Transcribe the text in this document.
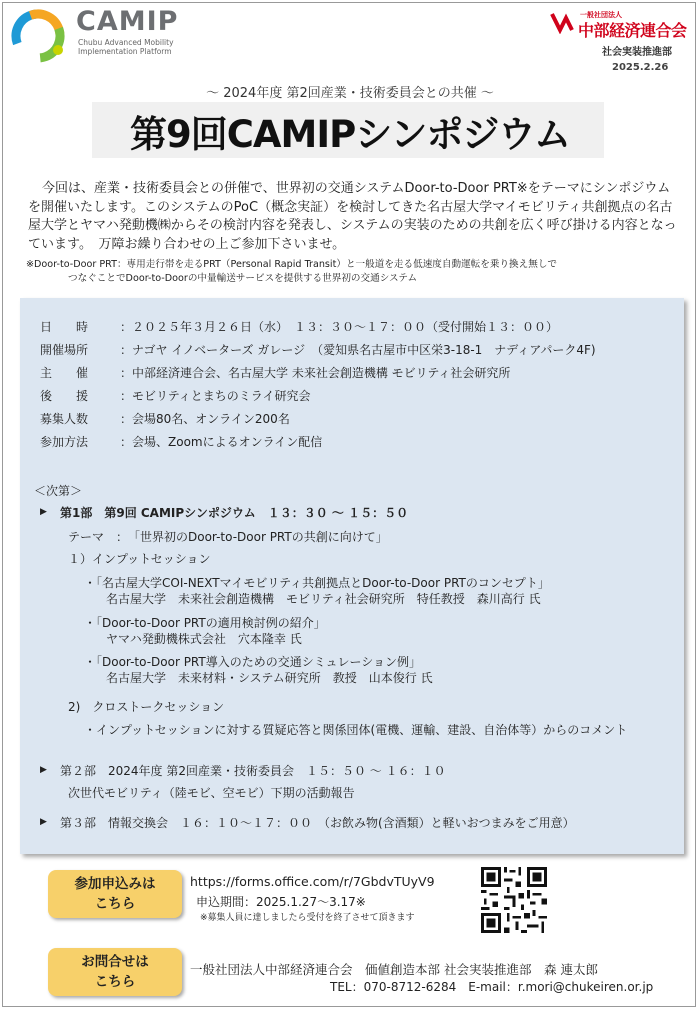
CAMIP
Chubu Advanced Mobility Implementation Platform
一般社団法人
中部経済連合会
社会実装推進部
2025.2.26
～ 2024年度 第2回産業・技術委員会との共催 ～
第9回CAMIPシンポジウム
今回は、産業・技術委員会との併催で、世界初の交通システムDoor-to-Door PRT※をテーマにシンポジウムを開催いたします。このシステムのPoC（概念実証）を検討してきた名古屋大学マイモビリティ共創拠点の名古屋大学とヤマハ発動機㈱からその検討内容を発表し、システムの実装のための共創を広く呼び掛ける内容となっています。　万障お繰り合わせの上ご参加下さいませ。
※Door-to-Door PRT：専用走行帯を走るPRT（Personal Rapid Transit）と一般道を走る低速度自動運転を乗り換え無しで
つなぐことでDoor-to-Doorの中量輸送サービスを提供する世界初の交通システム
日　　時	：２０２５年３月２６日（水）　１３：３０～１７：００（受付開始１３：００）
開催場所	：ナゴヤ イノベーターズ ガレージ　（愛知県名古屋市中区栄3-18-1　ナディアパーク4F)
主　　催	：中部経済連合会、名古屋大学 未来社会創造機構 モビリティ社会研究所
後　　援	：モビリティとまちのミライ研究会
募集人数	：会場80名、オンライン200名
参加方法	：会場、Zoomによるオンライン配信
＜次第＞
▶ 第1部　第9回 CAMIPシンポジウム　１３：３０ ～ １５：５０
テーマ　：　「世界初のDoor-to-Door PRTの共創に向けて」
１）インプットセッション
・「名古屋大学COI-NEXTマイモビリティ共創拠点とDoor-to-Door PRTのコンセプト」
名古屋大学　未来社会創造機構　モビリティ社会研究所　特任教授　森川高行 氏
・「Door-to-Door PRTの適用検討例の紹介」
ヤマハ発動機株式会社　穴本隆幸 氏
・「Door-to-Door PRT導入のための交通シミュレーション例」
名古屋大学　未来材料・システム研究所　教授　山本俊行 氏
2)　クロストークセッション
・インプットセッションに対する質疑応答と関係団体(電機、運輸、建設、自治体等）からのコメント
▶ 第２部　2024年度 第2回産業・技術委員会　１５：５０ ～ １６：１０
次世代モビリティ（陸モビ、空モビ）下期の活動報告
▶ 第３部　情報交換会　１６：１０～１７：００　（お飲み物(含酒類）と軽いおつまみをご用意）
参加申込みは
こちら
https://forms.office.com/r/7GbdvTUyV9
申込期間：2025.1.27～3.17※
※募集人員に達しましたら受付を終了させて頂きます
お問合せは
こちら
一般社団法人中部経済連合会　価値創造本部 社会実装推進部　森 連太郎
TEL：070-8712-6284　E-mail：r.mori@chukeiren.or.jp
